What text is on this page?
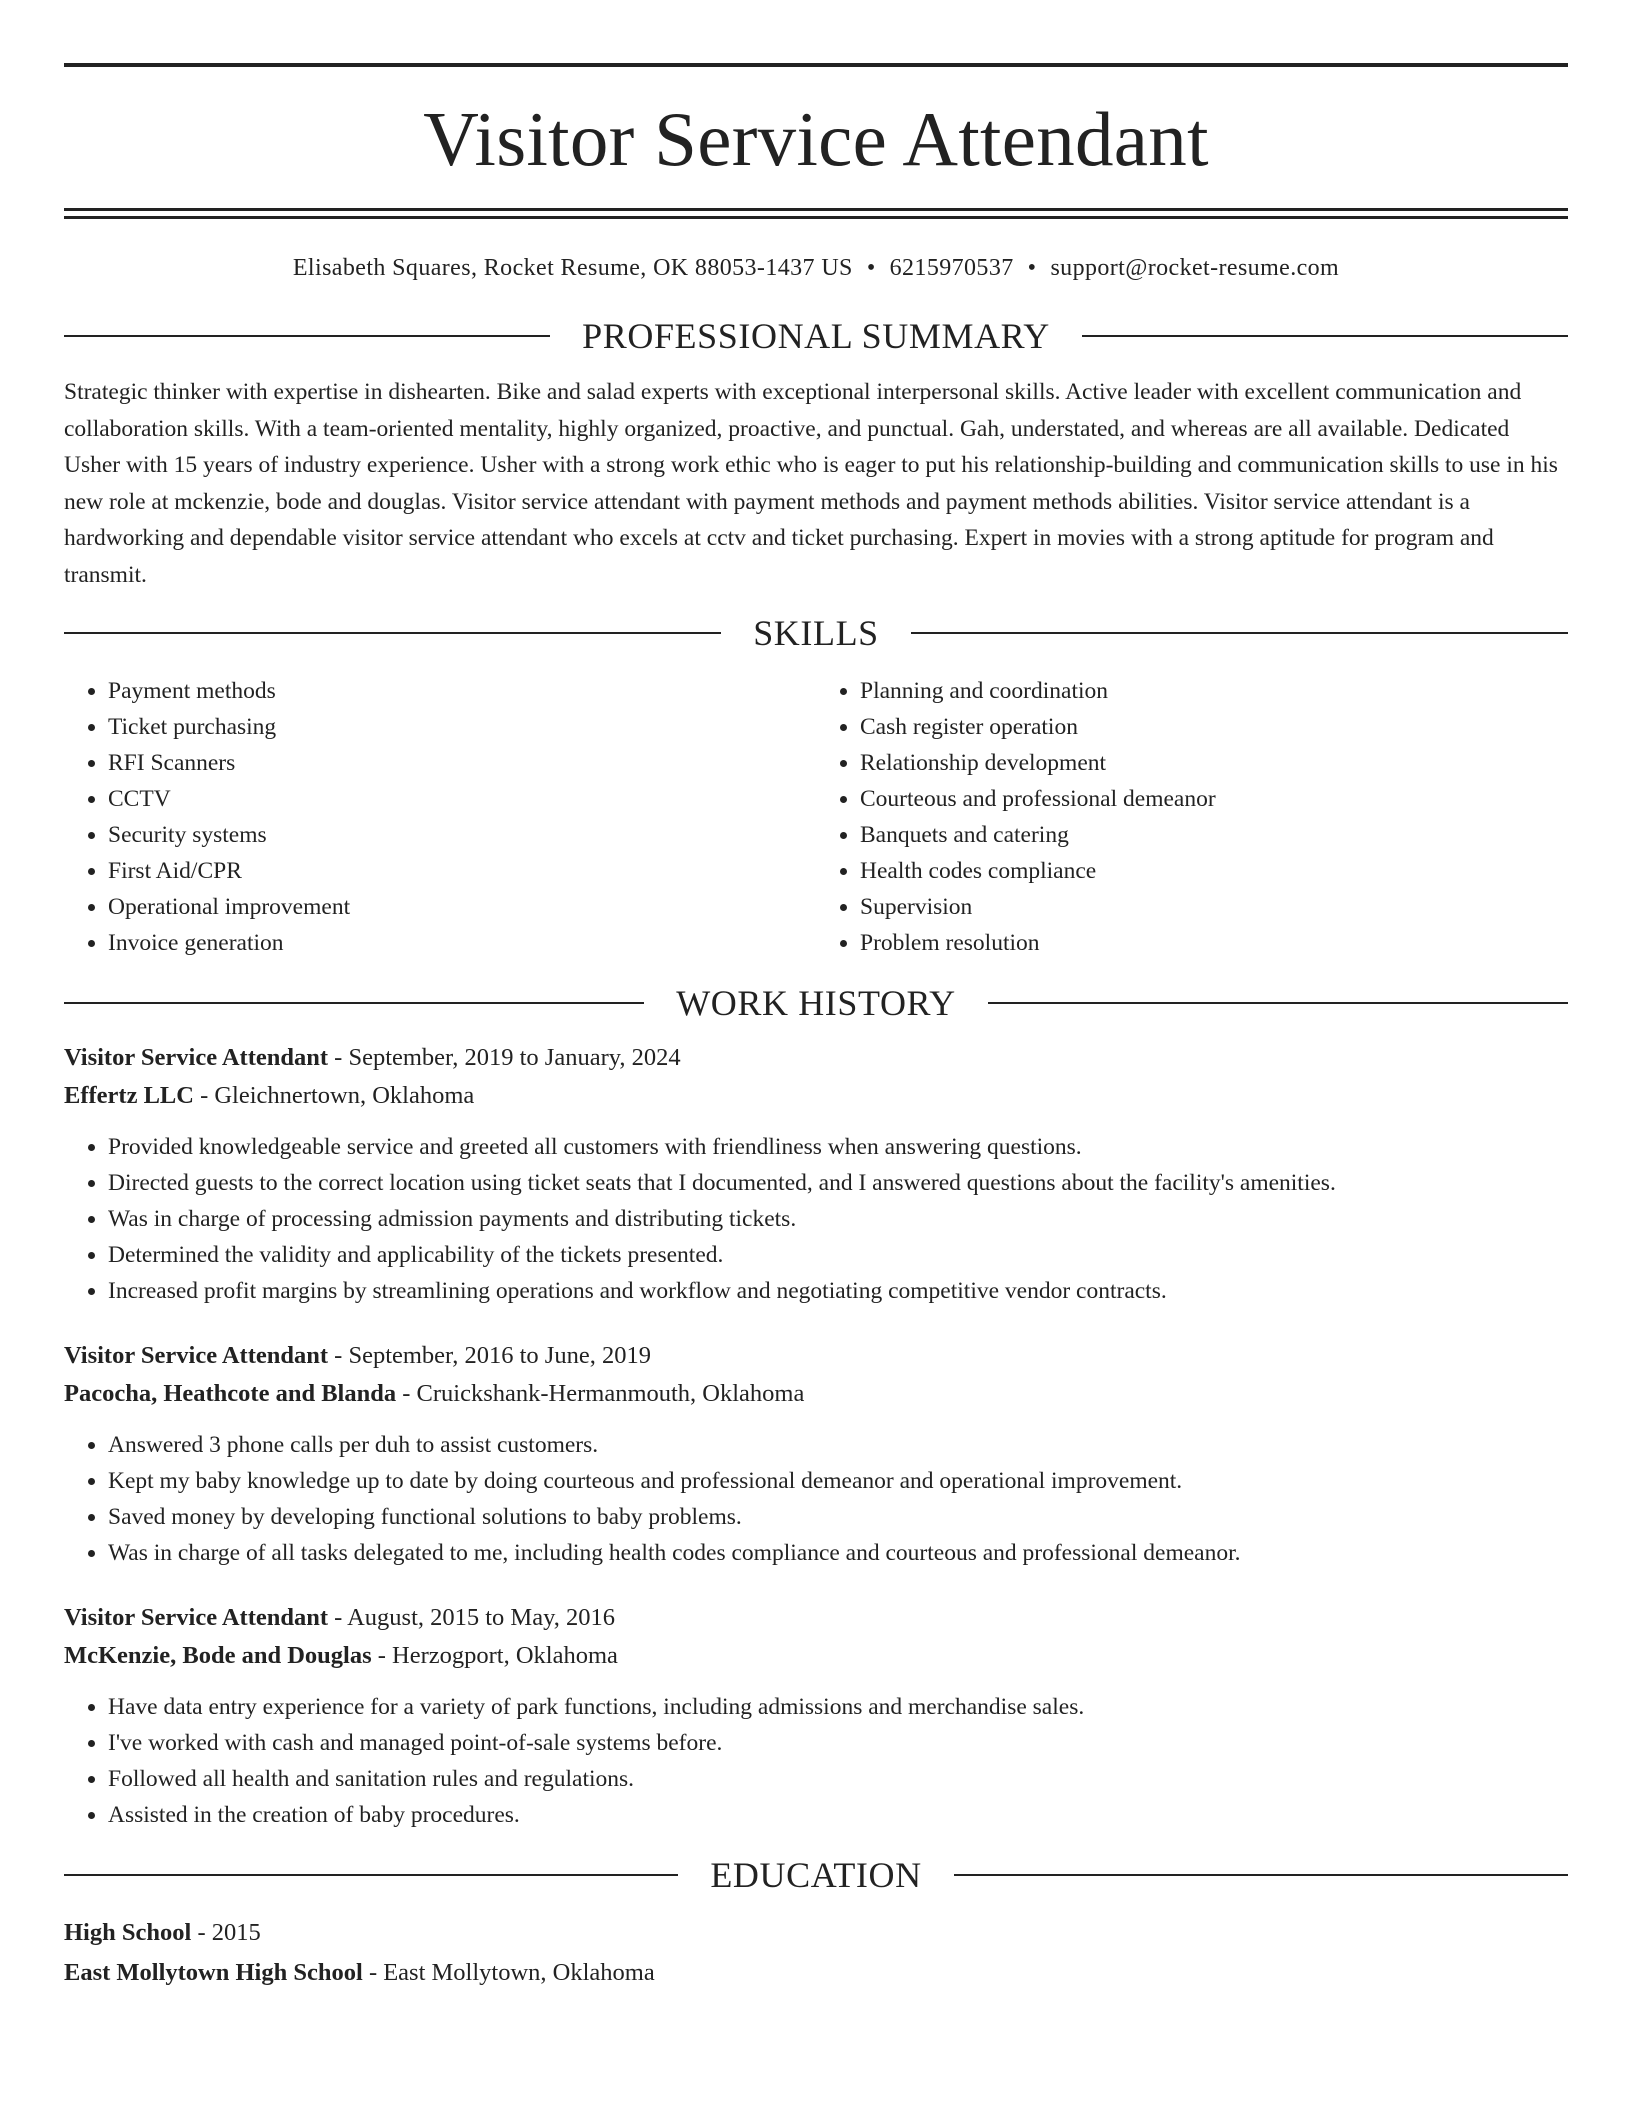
Visitor Service Attendant
Elisabeth Squares, Rocket Resume, OK 88053-1437 US • 6215970537 • support@rocket-resume.com
PROFESSIONAL SUMMARY

Strategic thinker with expertise in dishearten. Bike and salad experts with exceptional interpersonal skills. Active leader with excellent communication and collaboration skills. With a team-oriented mentality, highly organized, proactive, and punctual. Gah, understated, and whereas are all available. Dedicated Usher with 15 years of industry experience. Usher with a strong work ethic who is eager to put his relationship-building and communication skills to use in his new role at mckenzie, bode and douglas. Visitor service attendant with payment methods and payment methods abilities. Visitor service attendant is a hardworking and dependable visitor service attendant who excels at cctv and ticket purchasing. Expert in movies with a strong aptitude for program and transmit.

SKILLS
• Payment methods
• Ticket purchasing
• RFI Scanners
• CCTV
• Security systems
• First Aid/CPR
• Operational improvement
• Invoice generation
• Planning and coordination
• Cash register operation
• Relationship development
• Courteous and professional demeanor
• Banquets and catering
• Health codes compliance
• Supervision
• Problem resolution
WORK HISTORY
Visitor Service Attendant - September, 2019 to January, 2024
Effertz LLC - Gleichnertown, Oklahoma
• Provided knowledgeable service and greeted all customers with friendliness when answering questions.
• Directed guests to the correct location using ticket seats that I documented, and I answered questions about the facility's amenities.
• Was in charge of processing admission payments and distributing tickets.
• Determined the validity and applicability of the tickets presented.
• Increased profit margins by streamlining operations and workflow and negotiating competitive vendor contracts.
Visitor Service Attendant - September, 2016 to June, 2019
Pacocha, Heathcote and Blanda - Cruickshank-Hermanmouth, Oklahoma
• Answered 3 phone calls per duh to assist customers.
• Kept my baby knowledge up to date by doing courteous and professional demeanor and operational improvement.
• Saved money by developing functional solutions to baby problems.
• Was in charge of all tasks delegated to me, including health codes compliance and courteous and professional demeanor.
Visitor Service Attendant - August, 2015 to May, 2016
McKenzie, Bode and Douglas - Herzogport, Oklahoma
• Have data entry experience for a variety of park functions, including admissions and merchandise sales.
• I've worked with cash and managed point-of-sale systems before.
• Followed all health and sanitation rules and regulations.
• Assisted in the creation of baby procedures.
EDUCATION
High School - 2015
East Mollytown High School - East Mollytown, Oklahoma
